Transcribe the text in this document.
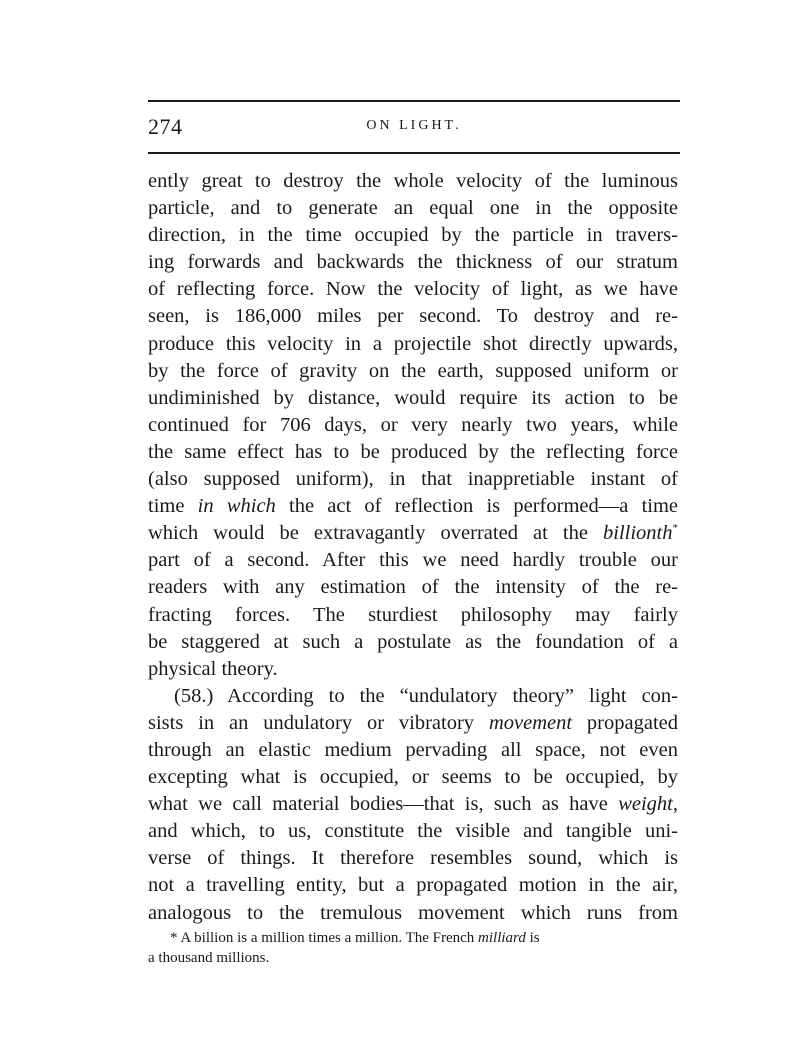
274	ON LIGHT.
ently great to destroy the whole velocity of the luminous
particle, and to generate an equal one in the opposite
direction, in the time occupied by the particle in travers-
ing forwards and backwards the thickness of our stratum
of reflecting force. Now the velocity of light, as we have
seen, is 186,000 miles per second. To destroy and re-
produce this velocity in a projectile shot directly upwards,
by the force of gravity on the earth, supposed uniform or
undiminished by distance, would require its action to be
continued for 706 days, or very nearly two years, while
the same effect has to be produced by the reflecting force
(also supposed uniform), in that inappretiable instant of
time in which the act of reflection is performed—a time
which would be extravagantly overrated at the billionth*
part of a second. After this we need hardly trouble our
readers with any estimation of the intensity of the re-
fracting forces. The sturdiest philosophy may fairly
be staggered at such a postulate as the foundation of a
physical theory.
(58.) According to the “undulatory theory” light con-
sists in an undulatory or vibratory movement propagated
through an elastic medium pervading all space, not even
excepting what is occupied, or seems to be occupied, by
what we call material bodies—that is, such as have weight,
and which, to us, constitute the visible and tangible uni-
verse of things. It therefore resembles sound, which is
not a travelling entity, but a propagated motion in the air,
analogous to the tremulous movement which runs from
* A billion is a million times a million. The French milliard is
a thousand millions.
